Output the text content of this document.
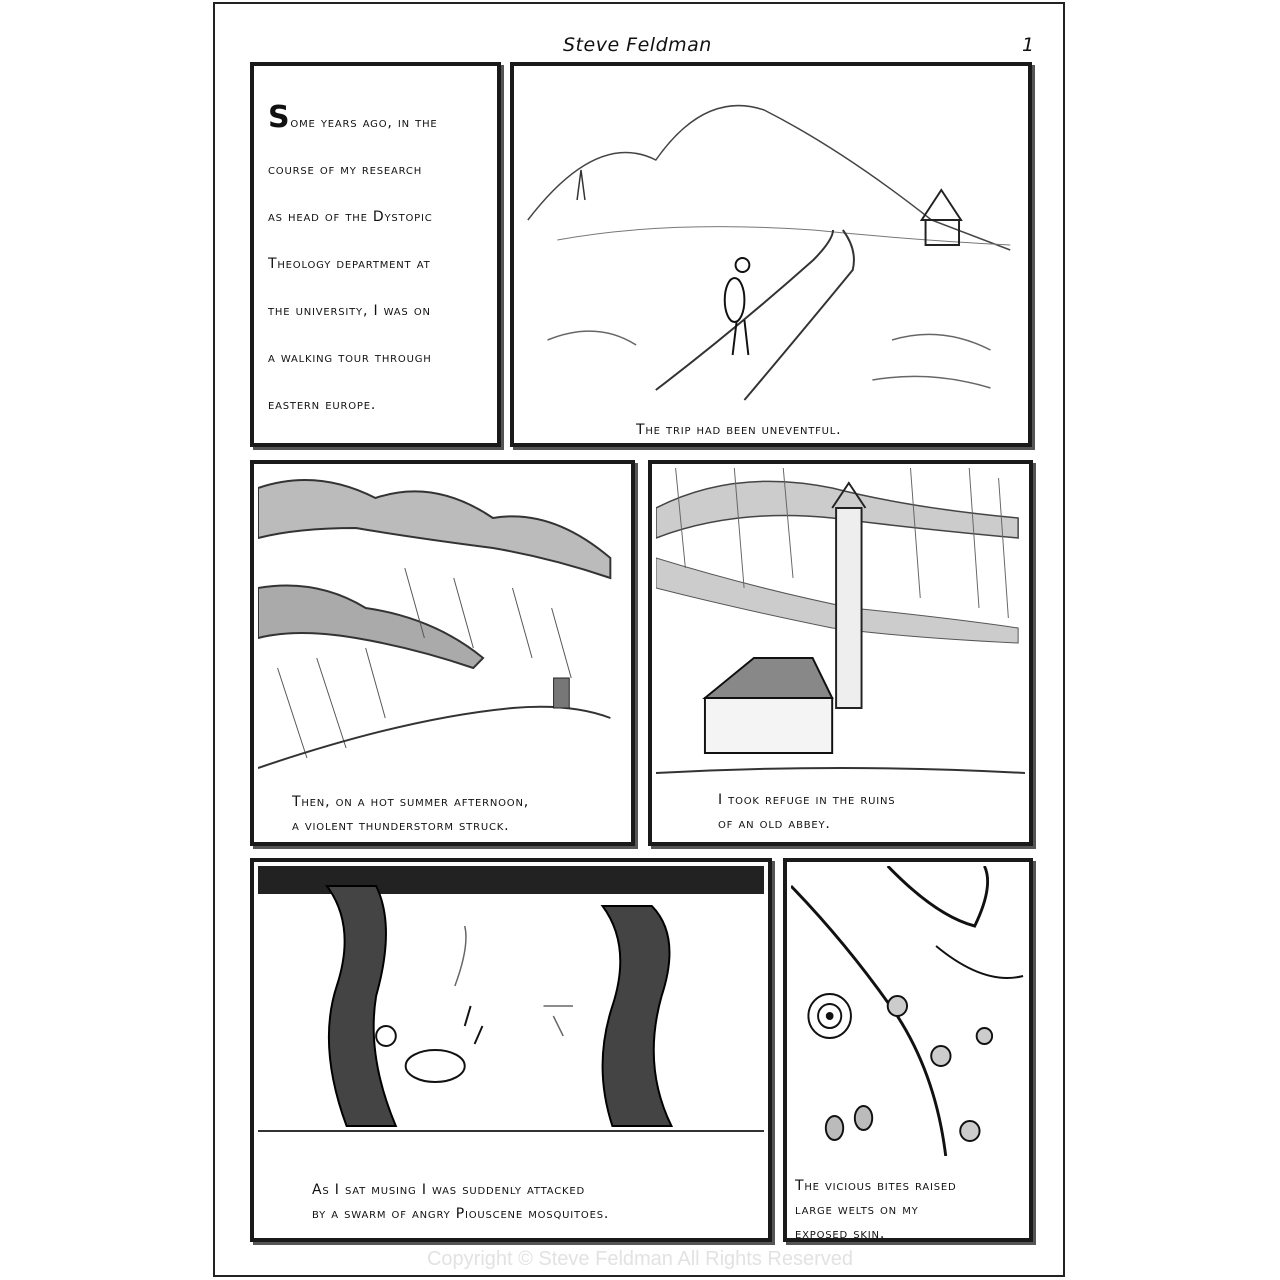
Steve Feldman	1
Some years ago, in the
course of my research
as head of the Dystopic
Theology department at
the university, I was on
a walking tour through
eastern europe.
The trip had been uneventful.
Then, on a hot summer afternoon,
a violent thunderstorm struck.
I took refuge in the ruins
of an old abbey.
As I sat musing I was suddenly attacked
by a swarm of angry Piouscene mosquitoes.
The vicious bites raised
large welts on my
exposed skin.
Copyright © Steve Feldman All Rights Reserved
